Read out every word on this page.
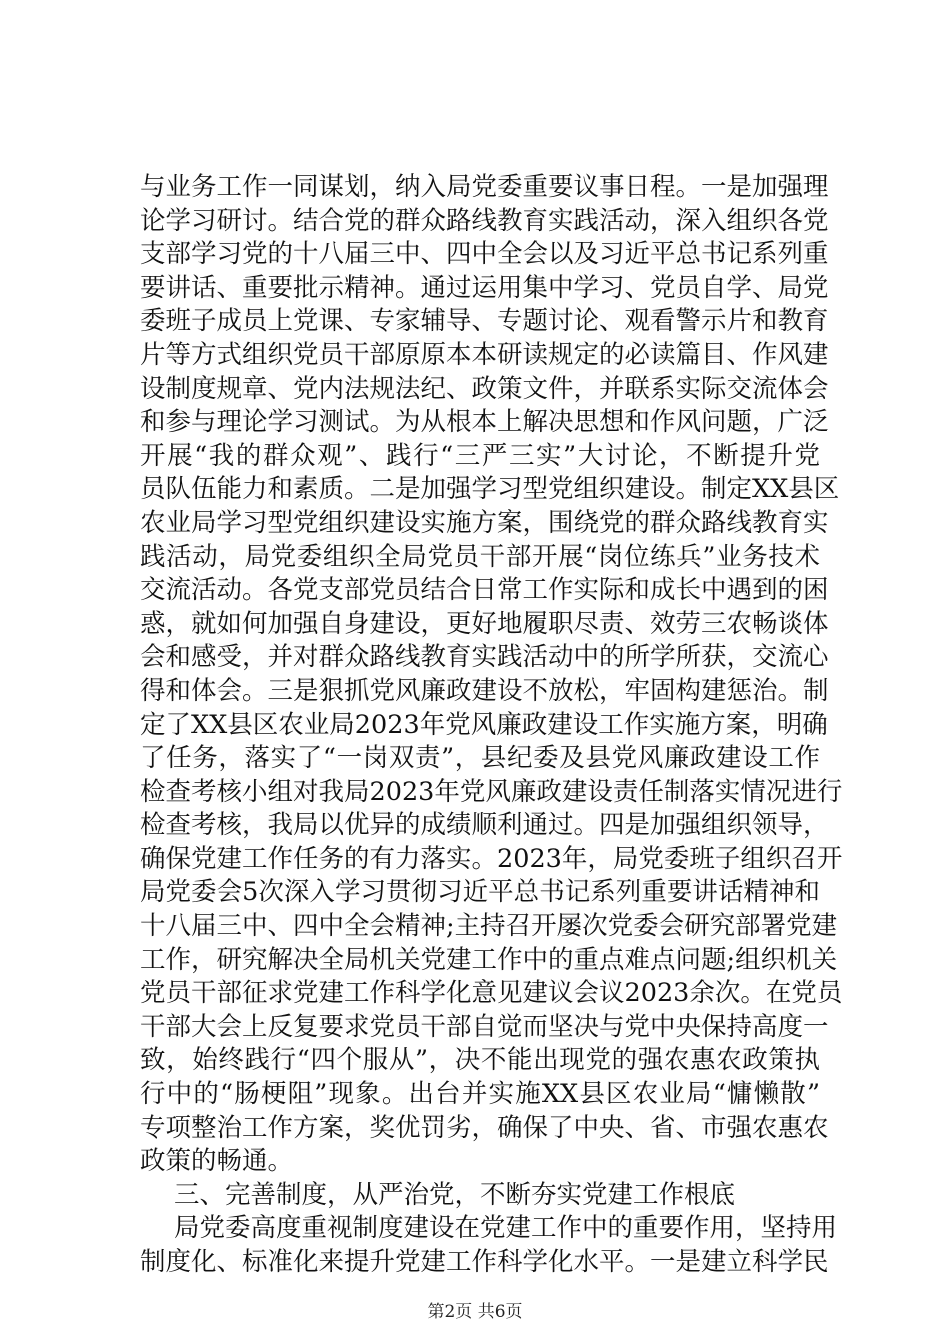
与业务工作一同谋划，纳入局党委重要议事日程。一是加强理
论学习研讨。结合党的群众路线教育实践活动，深入组织各党
支部学习党的十八届三中、四中全会以及习近平总书记系列重
要讲话、重要批示精神。通过运用集中学习、党员自学、局党
委班子成员上党课、专家辅导、专题讨论、观看警示片和教育
片等方式组织党员干部原原本本研读规定的必读篇目、作风建
设制度规章、党内法规法纪、政策文件，并联系实际交流体会
和参与理论学习测试。为从根本上解决思想和作风问题，广泛
开展“我的群众观”、践行“三严三实”大讨论，不断提升党
员队伍能力和素质。二是加强学习型党组织建设。制定XX县区
农业局学习型党组织建设实施方案，围绕党的群众路线教育实
践活动，局党委组织全局党员干部开展“岗位练兵”业务技术
交流活动。各党支部党员结合日常工作实际和成长中遇到的困
惑，就如何加强自身建设，更好地履职尽责、效劳三农畅谈体
会和感受，并对群众路线教育实践活动中的所学所获，交流心
得和体会。三是狠抓党风廉政建设不放松，牢固构建惩治。制
定了XX县区农业局2023年党风廉政建设工作实施方案，明确
了任务，落实了“一岗双责”，县纪委及县党风廉政建设工作
检查考核小组对我局2023年党风廉政建设责任制落实情况进行
检查考核，我局以优异的成绩顺利通过。四是加强组织领导，
确保党建工作任务的有力落实。2023年，局党委班子组织召开
局党委会5次深入学习贯彻习近平总书记系列重要讲话精神和
十八届三中、四中全会精神;主持召开屡次党委会研究部署党建
工作，研究解决全局机关党建工作中的重点难点问题;组织机关
党员干部征求党建工作科学化意见建议会议2023余次。在党员
干部大会上反复要求党员干部自觉而坚决与党中央保持高度一
致，始终践行“四个服从”，决不能出现党的强农惠农政策执
行中的“肠梗阻”现象。出台并实施XX县区农业局“慵懒散”
专项整治工作方案，奖优罚劣，确保了中央、省、市强农惠农
政策的畅通。
三、完善制度，从严治党，不断夯实党建工作根底
局党委高度重视制度建设在党建工作中的重要作用，坚持用
制度化、标准化来提升党建工作科学化水平。一是建立科学民
第2页 共6页
